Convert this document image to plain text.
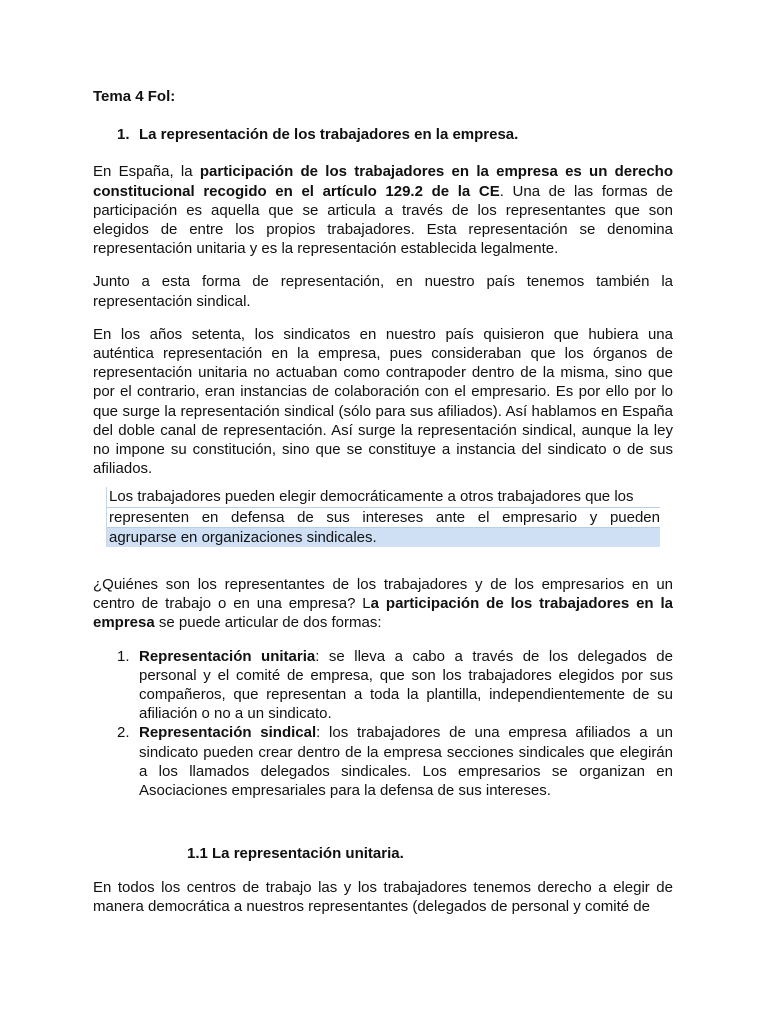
Tema 4 Fol:

1. La representación de los trabajadores en la empresa.

En España, la participación de los trabajadores en la empresa es un derecho constitucional recogido en el artículo 129.2 de la CE. Una de las formas de participación es aquella que se articula a través de los representantes que son elegidos de entre los propios trabajadores. Esta representación se denomina representación unitaria y es la representación establecida legalmente.

Junto a esta forma de representación, en nuestro país tenemos también la representación sindical.

En los años setenta, los sindicatos en nuestro país quisieron que hubiera una auténtica representación en la empresa, pues consideraban que los órganos de representación unitaria no actuaban como contrapoder dentro de la misma, sino que por el contrario, eran instancias de colaboración con el empresario. Es por ello por lo que surge la representación sindical (sólo para sus afiliados). Así hablamos en España del doble canal de representación. Así surge la representación sindical, aunque la ley no impone su constitución, sino que se constituye a instancia del sindicato o de sus afiliados.

Los trabajadores pueden elegir democráticamente a otros trabajadores que los
representen en defensa de sus intereses ante el empresario y pueden
agruparse en organizaciones sindicales.

¿Quiénes son los representantes de los trabajadores y de los empresarios en un centro de trabajo o en una empresa? La participación de los trabajadores en la empresa se puede articular de dos formas:

1. Representación unitaria: se lleva a cabo a través de los delegados de personal y el comité de empresa, que son los trabajadores elegidos por sus compañeros, que representan a toda la plantilla, independientemente de su afiliación o no a un sindicato.
2. Representación sindical: los trabajadores de una empresa afiliados a un sindicato pueden crear dentro de la empresa secciones sindicales que elegirán a los llamados delegados sindicales. Los empresarios se organizan en Asociaciones empresariales para la defensa de sus intereses.

1.1 La representación unitaria.

En todos los centros de trabajo las y los trabajadores tenemos derecho a elegir de manera democrática a nuestros representantes (delegados de personal y comité de
